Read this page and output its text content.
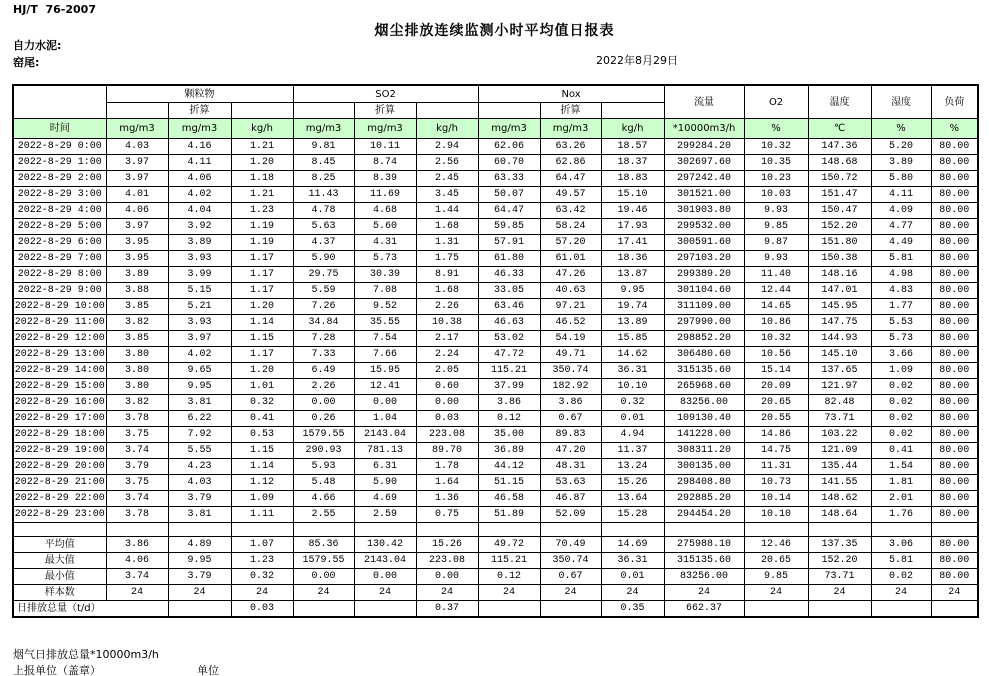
HJ/T  76-2007
烟尘排放连续监测小时平均值日报表
自力水泥:
窑尾:	2022年8月29日
	颗粒物			SO2			Nox			流量	O2	温度	湿度	负荷
		折算			折算			折算						
时间	mg/m3	mg/m3	kg/h	mg/m3	mg/m3	kg/h	mg/m3	mg/m3	kg/h	*10000m3/h	%	℃	%	%
2022-8-29 0:00	4.03	4.16	1.21	9.81	10.11	2.94	62.06	63.26	18.57	299284.20	10.32	147.36	5.20	80.00
2022-8-29 1:00	3.97	4.11	1.20	8.45	8.74	2.56	60.70	62.86	18.37	302697.60	10.35	148.68	3.89	80.00
2022-8-29 2:00	3.97	4.06	1.18	8.25	8.39	2.45	63.33	64.47	18.83	297242.40	10.23	150.72	5.80	80.00
2022-8-29 3:00	4.01	4.02	1.21	11.43	11.69	3.45	50.07	49.57	15.10	301521.00	10.03	151.47	4.11	80.00
2022-8-29 4:00	4.06	4.04	1.23	4.78	4.68	1.44	64.47	63.42	19.46	301903.80	9.93	150.47	4.09	80.00
2022-8-29 5:00	3.97	3.92	1.19	5.63	5.60	1.68	59.85	58.24	17.93	299532.00	9.85	152.20	4.77	80.00
2022-8-29 6:00	3.95	3.89	1.19	4.37	4.31	1.31	57.91	57.20	17.41	300591.60	9.87	151.80	4.49	80.00
2022-8-29 7:00	3.95	3.93	1.17	5.90	5.73	1.75	61.80	61.01	18.36	297103.20	9.93	150.38	5.81	80.00
2022-8-29 8:00	3.89	3.99	1.17	29.75	30.39	8.91	46.33	47.26	13.87	299389.20	11.40	148.16	4.98	80.00
2022-8-29 9:00	3.88	5.15	1.17	5.59	7.08	1.68	33.05	40.63	9.95	301104.60	12.44	147.01	4.83	80.00
2022-8-29 10:00	3.85	5.21	1.20	7.26	9.52	2.26	63.46	97.21	19.74	311109.00	14.65	145.95	1.77	80.00
2022-8-29 11:00	3.82	3.93	1.14	34.84	35.55	10.38	46.63	46.52	13.89	297990.00	10.86	147.75	5.53	80.00
2022-8-29 12:00	3.85	3.97	1.15	7.28	7.54	2.17	53.02	54.19	15.85	298852.20	10.32	144.93	5.73	80.00
2022-8-29 13:00	3.80	4.02	1.17	7.33	7.66	2.24	47.72	49.71	14.62	306480.60	10.56	145.10	3.66	80.00
2022-8-29 14:00	3.80	9.65	1.20	6.49	15.95	2.05	115.21	350.74	36.31	315135.60	15.14	137.65	1.09	80.00
2022-8-29 15:00	3.80	9.95	1.01	2.26	12.41	0.60	37.99	182.92	10.10	265968.60	20.09	121.97	0.02	80.00
2022-8-29 16:00	3.82	3.81	0.32	0.00	0.00	0.00	3.86	3.86	0.32	83256.00	20.65	82.48	0.02	80.00
2022-8-29 17:00	3.78	6.22	0.41	0.26	1.04	0.03	0.12	0.67	0.01	109130.40	20.55	73.71	0.02	80.00
2022-8-29 18:00	3.75	7.92	0.53	1579.55	2143.04	223.08	35.00	89.83	4.94	141228.00	14.86	103.22	0.02	80.00
2022-8-29 19:00	3.74	5.55	1.15	290.93	781.13	89.70	36.89	47.20	11.37	308311.20	14.75	121.09	0.41	80.00
2022-8-29 20:00	3.79	4.23	1.14	5.93	6.31	1.78	44.12	48.31	13.24	300135.00	11.31	135.44	1.54	80.00
2022-8-29 21:00	3.75	4.03	1.12	5.48	5.90	1.64	51.15	53.63	15.26	298408.80	10.73	141.55	1.81	80.00
2022-8-29 22:00	3.74	3.79	1.09	4.66	4.69	1.36	46.58	46.87	13.64	292885.20	10.14	148.62	2.01	80.00
2022-8-29 23:00	3.78	3.81	1.11	2.55	2.59	0.75	51.89	52.09	15.28	294454.20	10.10	148.64	1.76	80.00

平均值	3.86	4.89	1.07	85.36	130.42	15.26	49.72	70.49	14.69	275988.10	12.46	137.35	3.06	80.00
最大值	4.06	9.95	1.23	1579.55	2143.04	223.08	115.21	350.74	36.31	315135.60	20.65	152.20	5.81	80.00
最小值	3.74	3.79	0.32	0.00	0.00	0.00	0.12	0.67	0.01	83256.00	9.85	73.71	0.02	80.00
样本数	24	24	24	24	24	24	24	24	24	24	24	24	24	24
日排放总量（t/d）			0.03			0.37			0.35	662.37				
烟气日排放总量*10000m3/h
上报单位（盖章）	单位
